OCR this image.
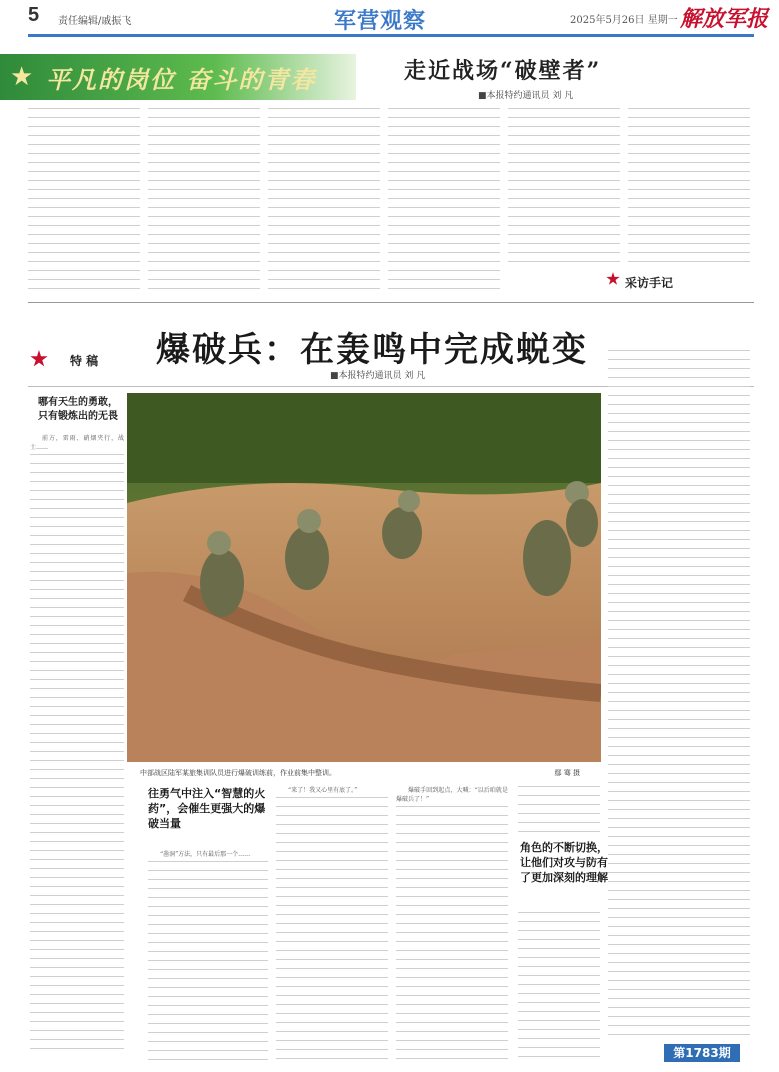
5 责任编辑/戚振飞	军营观察	2025年5月26日 星期一 解放军报
★ 平凡的岗位 奋斗的青春	走近战场“破壁者”
■本报特约通讯员 刘 凡
采访手记
爆破兵：在轰鸣中完成蜕变
■本报特约通讯员 刘 凡
特 稿
哪有天生的勇敢，只有锻炼出的无畏

前方，雷雨、硝烟夹行，战士……

中部战区陆军某旅集训队员进行爆破训练前，作业前集中整训。	鄢 骞 摄
往勇气中注入“智慧的火药”，会催生更强大的爆破当量

“凿洞”方法，只有最后那一个……

“来了！我又心里有底了。”	爆破手回到起点，大喊：“以后咱就是爆破兵了！”

角色的不断切换，让他们对攻与防有了更加深刻的理解
第1783期
